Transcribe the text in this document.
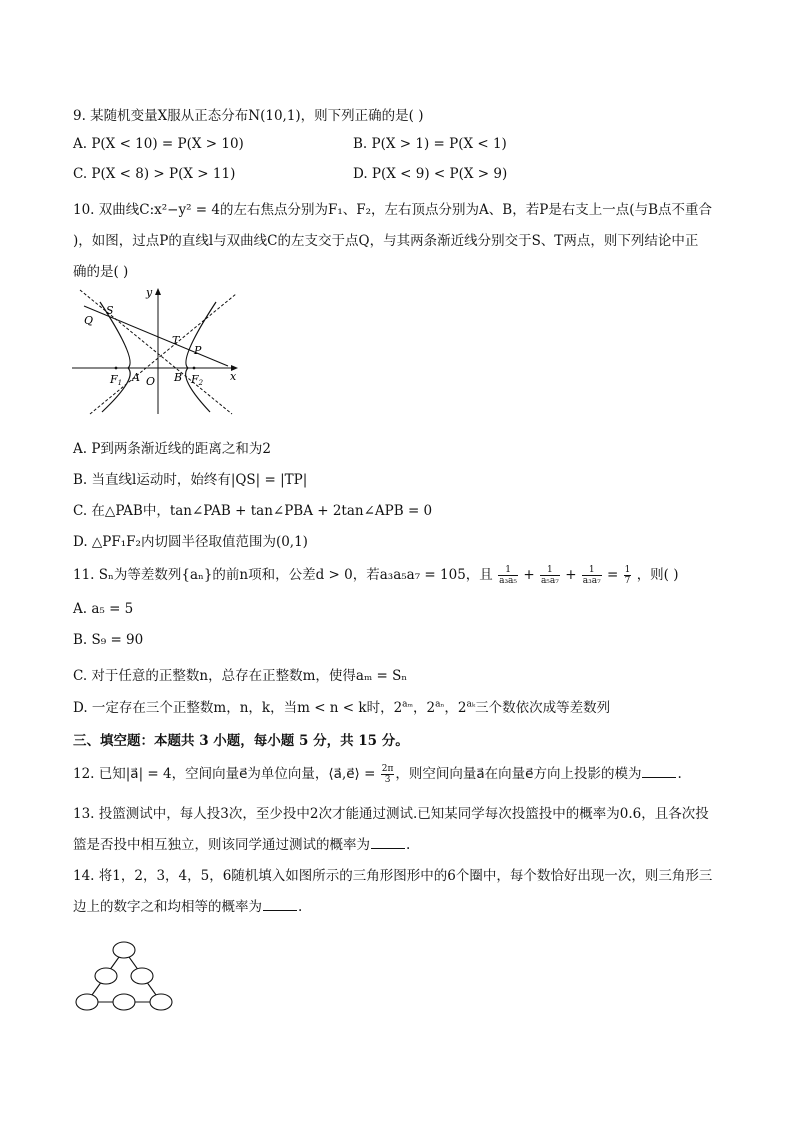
9. 某随机变量X服从正态分布N(10,1)，则下列正确的是( )
A. P(X < 10) = P(X > 10)	B. P(X > 1) = P(X < 1)
C. P(X < 8) > P(X > 11)	D. P(X < 9) < P(X > 9)
10. 双曲线C:x²−y² = 4的左右焦点分别为F₁、F₂，左右顶点分别为A、B，若P是右支上一点(与B点不重合
)，如图，过点P的直线l与双曲线C的左支交于点Q，与其两条渐近线分别交于S、T两点，则下列结论中正
确的是( )
y
x
O
Q
S
T
P
A	B
F1	F2
A. P到两条渐近线的距离之和为2
B. 当直线l运动时，始终有|QS| = |TP|
C. 在△PAB中，tan∠PAB + tan∠PBA + 2tan∠APB = 0
D. △PF₁F₂内切圆半径取值范围为(0,1)
11. Sₙ为等差数列{aₙ}的前n项和，公差d > 0，若a₃a₅a₇ = 105，且 $\frac{1}{\text{a₃a₅}} + \frac{1}{\text{a₅a₇}} + \frac{1}{\text{a₃a₇}} = \frac{1}{7}$ ，则( )
A. a₅ = 5
B. S₉ = 90
C. 对于任意的正整数n，总存在正整数m，使得aₘ = Sₙ
D. 一定存在三个正整数m，n，k，当m < n < k时，$2^{a_m}$，$2^{a_n}$，$2^{a_k}$三个数依次成等差数列
三、填空题：本题共 3 小题，每小题 5 分，共 15 分。
12. 已知|a⃗| = 4，空间向量e⃗为单位向量，⟨a⃗,e⃗⟩ = $\frac{2\pi}{3}$ ，则空间向量a⃗在向量e⃗方向上投影的模为	.
13. 投篮测试中，每人投3次，至少投中2次才能通过测试.已知某同学每次投篮投中的概率为0.6，且各次投
篮是否投中相互独立，则该同学通过测试的概率为	.
14. 将1，2，3，4，5，6随机填入如图所示的三角形图形中的6个圈中，每个数恰好出现一次，则三角形三
边上的数字之和均相等的概率为	.
